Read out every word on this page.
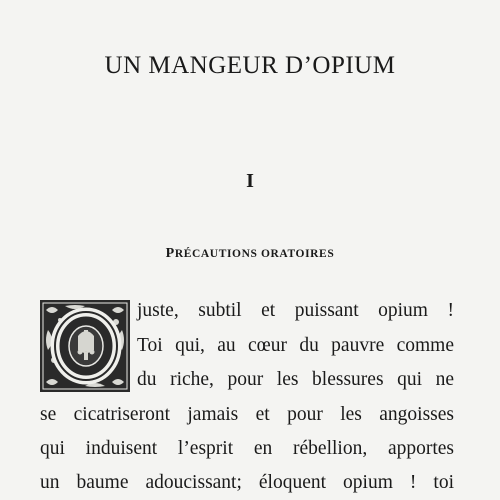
UN MANGEUR D’OPIUM
I
PRÉCAUTIONS ORATOIRES
O
juste, subtil et puissant opium !
Toi qui, au cœur du pauvre comme
du riche, pour les blessures qui ne
se cicatriseront jamais et pour les angoisses
qui induisent l’esprit en rébellion, apportes
un baume adoucissant; éloquent opium ! toi
